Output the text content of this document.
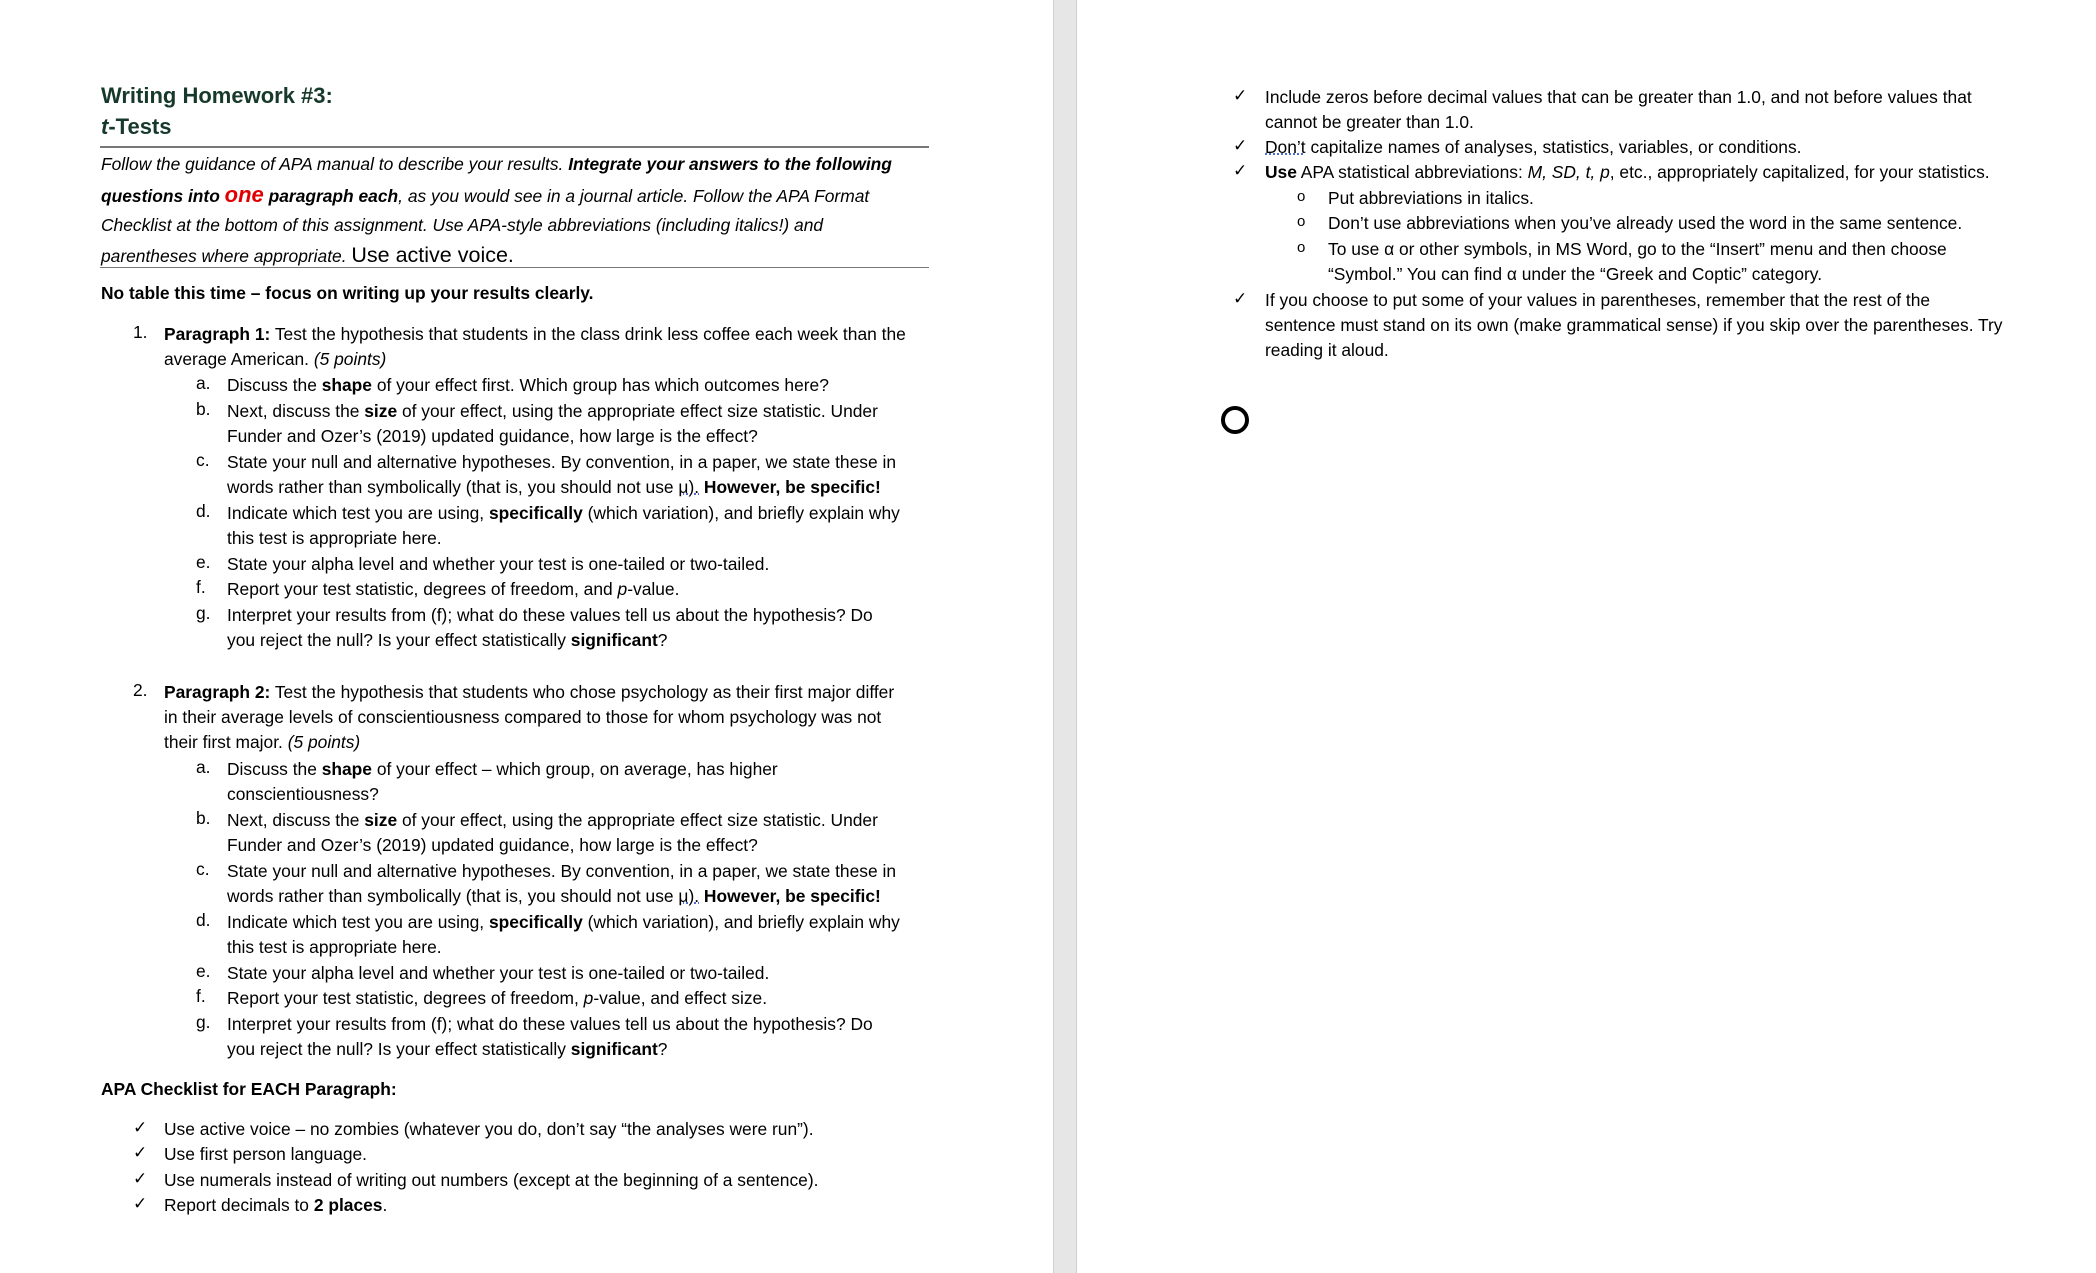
Writing Homework #3:
t-Tests
Follow the guidance of APA manual to describe your results. Integrate your answers to the following
questions into one paragraph each, as you would see in a journal article. Follow the APA Format
Checklist at the bottom of this assignment. Use APA-style abbreviations (including italics!) and
parentheses where appropriate. Use active voice.
No table this time – focus on writing up your results clearly.
1. Paragraph 1: Test the hypothesis that students in the class drink less coffee each week than the
average American. (5 points)
a. Discuss the shape of your effect first. Which group has which outcomes here?
b. Next, discuss the size of your effect, using the appropriate effect size statistic. Under
Funder and Ozer’s (2019) updated guidance, how large is the effect?
c. State your null and alternative hypotheses. By convention, in a paper, we state these in
words rather than symbolically (that is, you should not use μ). However, be specific!
d. Indicate which test you are using, specifically (which variation), and briefly explain why
this test is appropriate here.
e. State your alpha level and whether your test is one-tailed or two-tailed.
f. Report your test statistic, degrees of freedom, and p-value.
g. Interpret your results from (f); what do these values tell us about the hypothesis? Do
you reject the null? Is your effect statistically significant?
2. Paragraph 2: Test the hypothesis that students who chose psychology as their first major differ
in their average levels of conscientiousness compared to those for whom psychology was not
their first major. (5 points)
a. Discuss the shape of your effect – which group, on average, has higher
conscientiousness?
b. Next, discuss the size of your effect, using the appropriate effect size statistic. Under
Funder and Ozer’s (2019) updated guidance, how large is the effect?
c. State your null and alternative hypotheses. By convention, in a paper, we state these in
words rather than symbolically (that is, you should not use μ). However, be specific!
d. Indicate which test you are using, specifically (which variation), and briefly explain why
this test is appropriate here.
e. State your alpha level and whether your test is one-tailed or two-tailed.
f. Report your test statistic, degrees of freedom, p-value, and effect size.
g. Interpret your results from (f); what do these values tell us about the hypothesis? Do
you reject the null? Is your effect statistically significant?
APA Checklist for EACH Paragraph:
✓ Use active voice – no zombies (whatever you do, don’t say “the analyses were run”).
✓ Use first person language.
✓ Use numerals instead of writing out numbers (except at the beginning of a sentence).
✓ Report decimals to 2 places.
✓ Include zeros before decimal values that can be greater than 1.0, and not before values that
cannot be greater than 1.0.
✓ Don’t capitalize names of analyses, statistics, variables, or conditions.
✓ Use APA statistical abbreviations: M, SD, t, p, etc., appropriately capitalized, for your statistics.
o Put abbreviations in italics.
o Don’t use abbreviations when you’ve already used the word in the same sentence.
o To use α or other symbols, in MS Word, go to the “Insert” menu and then choose
“Symbol.” You can find α under the “Greek and Coptic” category.
✓ If you choose to put some of your values in parentheses, remember that the rest of the
sentence must stand on its own (make grammatical sense) if you skip over the parentheses. Try
reading it aloud.
